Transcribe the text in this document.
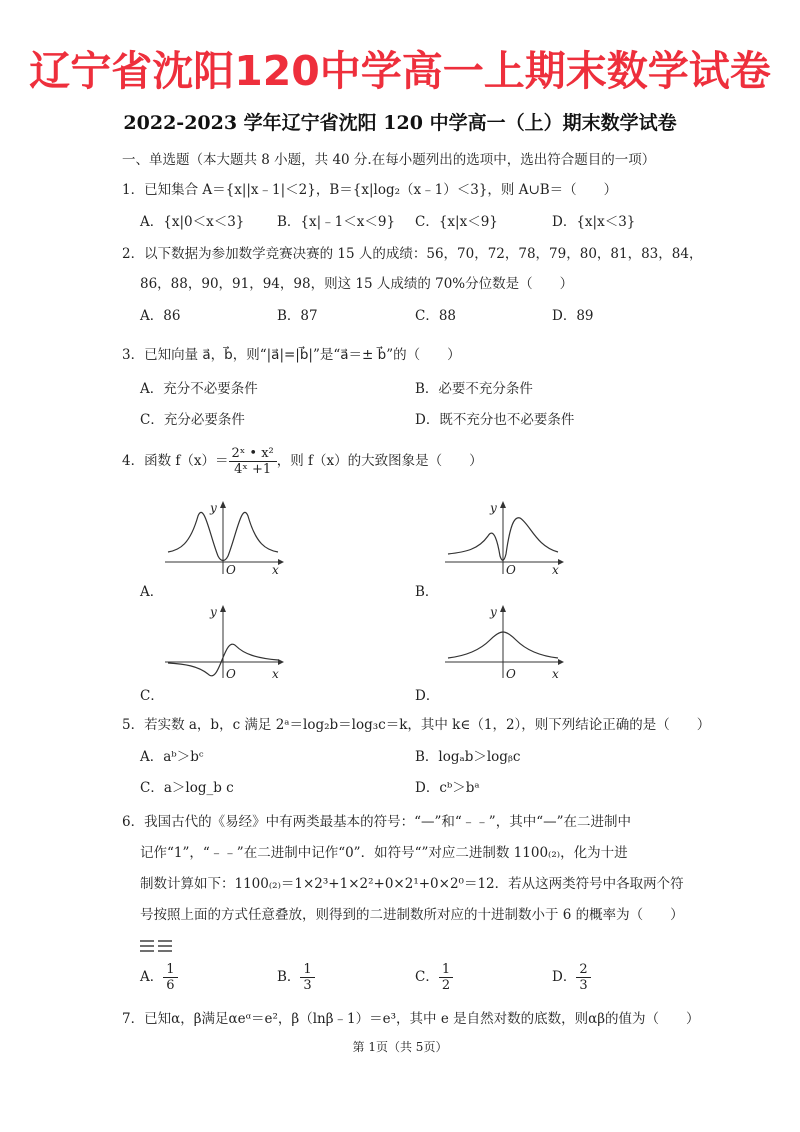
辽宁省沈阳120中学高一上期末数学试卷
2022-2023 学年辽宁省沈阳 120 中学高一（上）期末数学试卷
一、单选题（本大题共 8 小题，共 40 分.在每小题列出的选项中，选出符合题目的一项）
1．已知集合 A＝{x||x﹣1|＜2}，B＝{x|log₂（x﹣1）＜3}，则 A∪B＝（　　）
A．{x|0＜x＜3} B．{x|﹣1＜x＜9} C．{x|x＜9}	D．{x|x＜3}
2．以下数据为参加数学竞赛决赛的 15 人的成绩：56，70，72，78，79，80，81，83，84，
86，88，90，91，94，98，则这 15 人成绩的 70%分位数是（　　）
A．86	B．87	C．88	D．89
3．已知向量 a⃗，b⃗，则“|a⃗|=|b⃗|”是“a⃗＝± b⃗”的（　　）
A．充分不必要条件	B．必要不充分条件
C．充分必要条件	D．既不充分也不必要条件
4．函数 $f(x)= \frac{\text{2ˣ • x²}}{\text{4ˣ +1}}$ ，则 f（x）的大致图象是（　　）
y
O	x
A．
y
O	x
B．
y
O	x
C．
y
O	x
D．
5．若实数 a，b，c 满足 2ᵃ＝log₂b＝log₃c＝k，其中 k∈（1，2），则下列结论正确的是（　　）
A．aᵇ＞bᶜ	B．logₐb＞logᵦc
C．a＞log_b c	D．cᵇ＞bᵃ
6．我国古代的《易经》中有两类最基本的符号：“—”和“﹣﹣”，其中“—”在二进制中
记作“1”，“﹣﹣”在二进制中记作“0”．如符号“”对应二进制数 1100₍₂₎，化为十进
制数计算如下：1100₍₂₎＝1×2³+1×2²+0×2¹+0×2⁰＝12．若从这两类符号中各取两个符
号按照上面的方式任意叠放，则得到的二进制数所对应的十进制数小于 6 的概率为（　　）
A． $\frac{1}{6}$	B． $\frac{1}{3}$	C． $\frac{1}{2}$	D． $\frac{2}{3}$
7．已知α，β满足αeᵅ＝e²，β（lnβ﹣1）＝e³，其中 e 是自然对数的底数，则αβ的值为（　　）
第 1页（共 5页）
